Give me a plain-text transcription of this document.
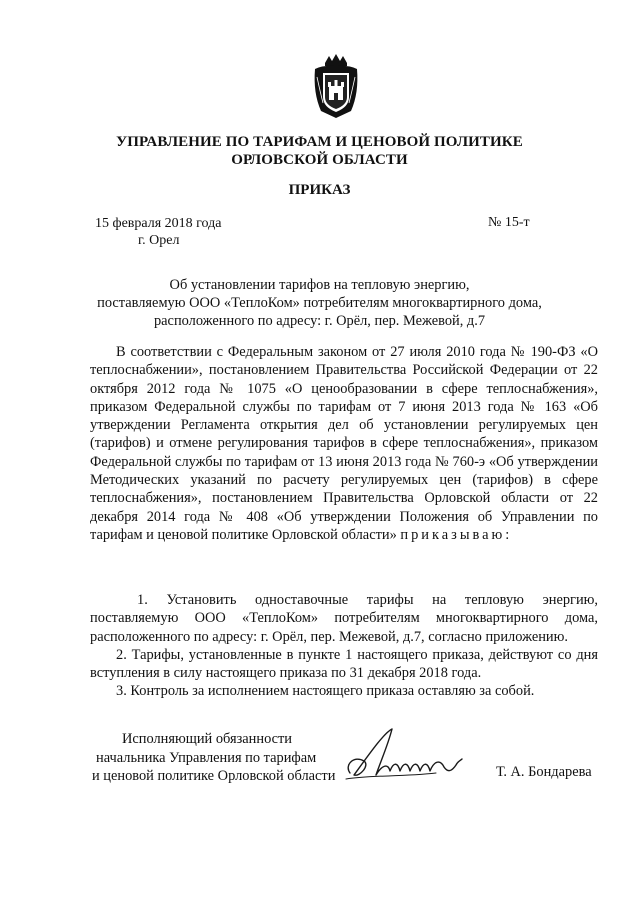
УПРАВЛЕНИЕ ПО ТАРИФАМ И ЦЕНОВОЙ ПОЛИТИКЕ
ОРЛОВСКОЙ ОБЛАСТИ
ПРИКАЗ
15 февраля 2018 года
г. Орел
№ 15-т
Об установлении тарифов на тепловую энергию,
поставляемую ООО «ТеплоКом» потребителям многоквартирного дома,
расположенного по адресу: г. Орёл, пер. Межевой, д.7
В соответствии с Федеральным законом от 27 июля 2010 года № 190-ФЗ «О теплоснабжении», постановлением Правительства Российской Федерации от 22 октября 2012 года № 1075 «О ценообразовании в сфере теплоснабжения», приказом Федеральной службы по тарифам от 7 июня 2013 года № 163 «Об утверждении Регламента открытия дел об установлении регулируемых цен (тарифов) и отмене регулирования тарифов в сфере теплоснабжения», приказом Федеральной службы по тарифам от 13 июня 2013 года № 760-э «Об утверждении Методических указаний по расчету регулируемых цен (тарифов) в сфере теплоснабжения», постановлением Правительства Орловской области от 22 декабря 2014 года № 408 «Об утверждении Положения об Управлении по тарифам и ценовой политике Орловской области» приказываю:

1. Установить одноставочные тарифы на тепловую энергию, поставляемую ООО «ТеплоКом» потребителям многоквартирного дома, расположенного по адресу: г. Орёл, пер. Межевой, д.7, согласно приложению.

2. Тарифы, установленные в пункте 1 настоящего приказа, действуют со дня вступления в силу настоящего приказа по 31 декабря 2018 года.

3. Контроль за исполнением настоящего приказа оставляю за собой.

Исполняющий обязанности
начальника Управления по тарифам
и ценовой политике Орловской области	Т. А. Бондарева
